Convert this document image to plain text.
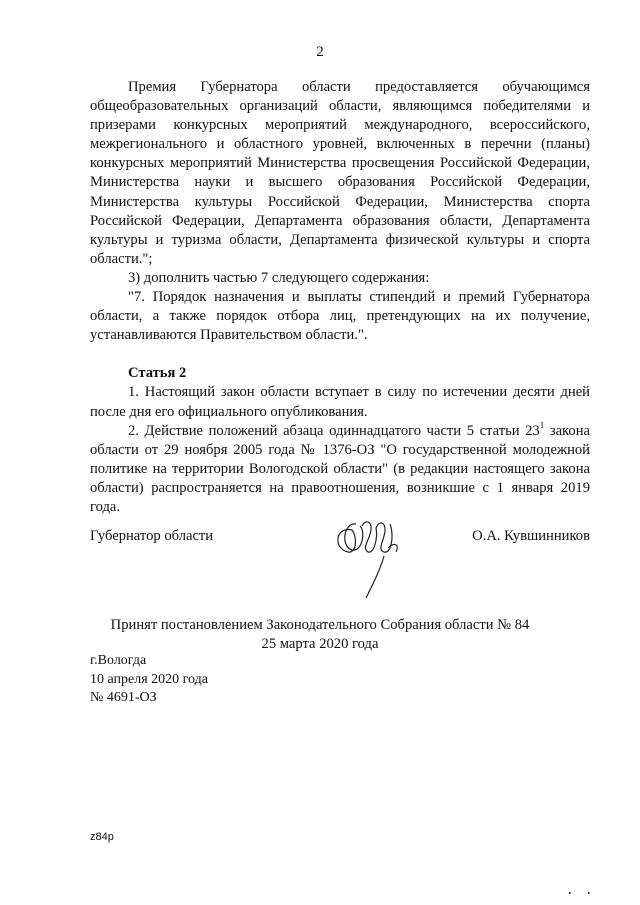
2

Премия Губернатора области предоставляется обучающимся общеобразовательных организаций области, являющимся победителями и призерами конкурсных мероприятий международного, всероссийского, межрегионального и областного уровней, включенных в перечни (планы) конкурсных мероприятий Министерства просвещения Российской Федерации, Министерства науки и высшего образования Российской Федерации, Министерства культуры Российской Федерации, Министерства спорта Российской Федерации, Департамента образования области, Департамента культуры и туризма области, Департамента физической культуры и спорта области.";

3) дополнить частью 7 следующего содержания:

"7. Порядок назначения и выплаты стипендий и премий Губернатора области, а также порядок отбора лиц, претендующих на их получение, устанавливаются Правительством области.".

Статья 2

1. Настоящий закон области вступает в силу по истечении десяти дней после дня его официального опубликования.

2. Действие положений абзаца одиннадцатого части 5 статьи $23^1$ закона области от 29 ноября 2005 года № 1376-ОЗ "О государственной молодежной политике на территории Вологодской области" (в редакции настоящего закона области) распространяется на правоотношения, возникшие с 1 января 2019 года.

Губернатор области	О.А. Кувшинников
Принят постановлением Законодательного Собрания области № 84
25 марта 2020 года
г.Вологда
10 апреля 2020 года
№ 4691-ОЗ
z84p
